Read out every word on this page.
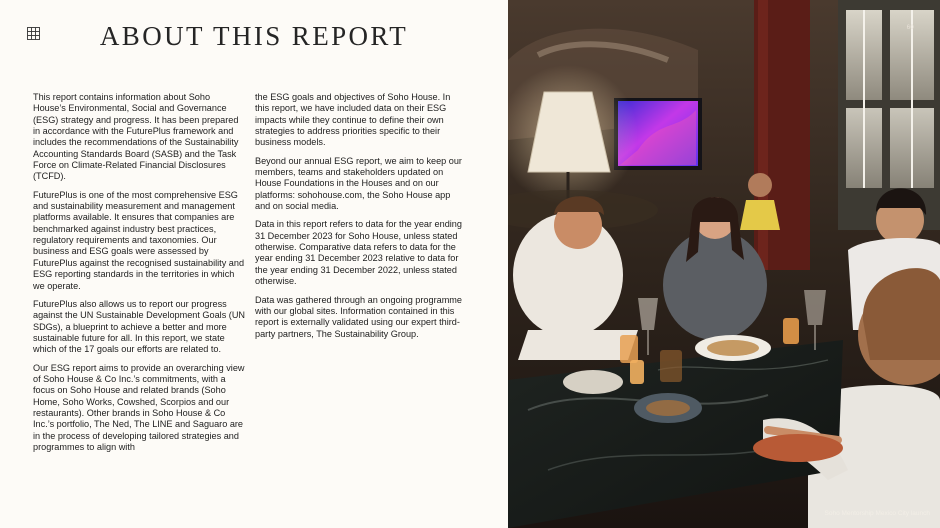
ABOUT THIS REPORT

This report contains information about Soho House’s Environmental, Social and Governance (ESG) strategy and progress. It has been prepared in accordance with the FuturePlus framework and includes the recommendations of the Sustainability Accounting Standards Board (SASB) and the Task Force on Climate-Related Financial Disclosures (TCFD).

FuturePlus is one of the most comprehensive ESG and sustainability measurement and management platforms available. It ensures that companies are benchmarked against industry best practices, regulatory requirements and taxonomies. Our business and ESG goals were assessed by FuturePlus against the recognised sustainability and ESG reporting standards in the territories in which we operate.

FuturePlus also allows us to report our progress against the UN Sustainable Development Goals (UN SDGs), a blueprint to achieve a better and more sustainable future for all. In this report, we state which of the 17 goals our efforts are related to.

Our ESG report aims to provide an overarching view of Soho House & Co Inc.’s commitments, with a focus on Soho House and related brands (Soho Home, Soho Works, Cowshed, Scorpios and our restaurants). Other brands in Soho House & Co Inc.’s portfolio, The Ned, The LINE and Saguaro are in the process of developing tailored strategies and programmes to align with

the ESG goals and objectives of Soho House. In this report, we have included data on their ESG impacts while they continue to define their own strategies to address priorities specific to their business models.

Beyond our annual ESG report, we aim to keep our members, teams and stakeholders updated on House Foundations in the Houses and on our platforms: sohohouse.com, the Soho House app and on social media.

Data in this report refers to data for the year ending 31 December 2023 for Soho House, unless stated otherwise. Comparative data refers to data for the year ending 31 December 2023 relative to data for the year ending 31 December 2022, unless stated otherwise.

Data was gathered through an ongoing programme with our global sites. Information contained in this report is externally validated using our expert third-party partners, The Sustainability Group.

60
Soho Mentorship Mexico City launch
